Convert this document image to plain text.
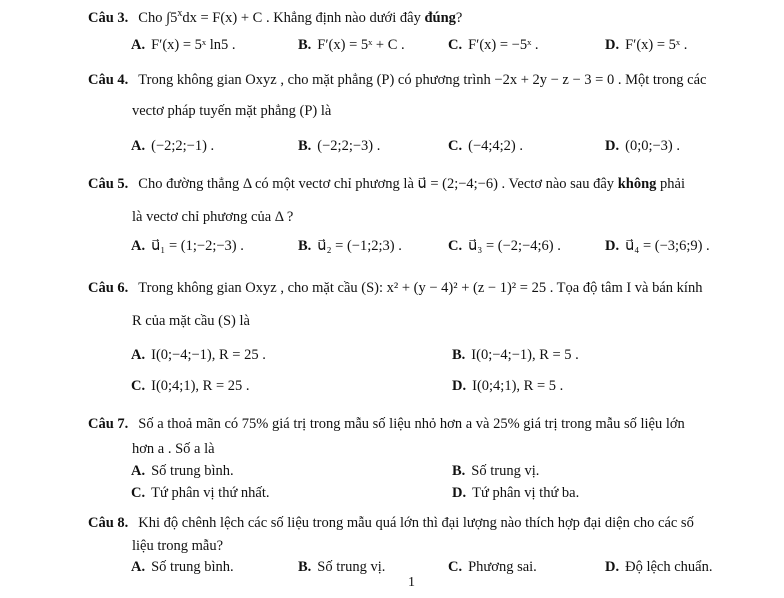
Câu 3. Cho $\int 5^xdx = F(x) + C$ . Khẳng định nào dưới đây đúng?
A. F′(x) = 5ˣ ln5 .	B. F′(x) = 5ˣ + C .	C. F′(x) = −5ˣ .	D. F′(x) = 5ˣ .
Câu 4. Trong không gian Oxyz , cho mặt phẳng (P) có phương trình −2x + 2y − z − 3 = 0 . Một trong các
vectơ pháp tuyến mặt phẳng (P) là
A. (−2;2;−1) .	B. (−2;2;−3) .	C. (−4;4;2) .	D. (0;0;−3) .
Câu 5. Cho đường thẳng Δ có một vectơ chỉ phương là u⃗ = (2;−4;−6) . Vectơ nào sau đây không phải
là vectơ chỉ phương của Δ ?
A. u⃗₁ = (1;−2;−3) .	B. u⃗₂ = (−1;2;3) .	C. u⃗₃ = (−2;−4;6) .	D. u⃗₄ = (−3;6;9) .
Câu 6. Trong không gian Oxyz , cho mặt cầu (S): x² + (y − 4)² + (z − 1)² = 25 . Tọa độ tâm I và bán kính
R của mặt cầu (S) là
A. I(0;−4;−1), R = 25 .	B. I(0;−4;−1), R = 5 .
C. I(0;4;1), R = 25 .	D. I(0;4;1), R = 5 .
Câu 7. Số a thoả mãn có 75% giá trị trong mẫu số liệu nhỏ hơn a và 25% giá trị trong mẫu số liệu lớn
hơn a . Số a là
A. Số trung bình.	B. Số trung vị.
C. Tứ phân vị thứ nhất.	D. Tứ phân vị thứ ba.
Câu 8. Khi độ chênh lệch các số liệu trong mẫu quá lớn thì đại lượng nào thích hợp đại diện cho các số
liệu trong mẫu?
A. Số trung bình.	B. Số trung vị.	C. Phương sai.	D. Độ lệch chuẩn.
1
